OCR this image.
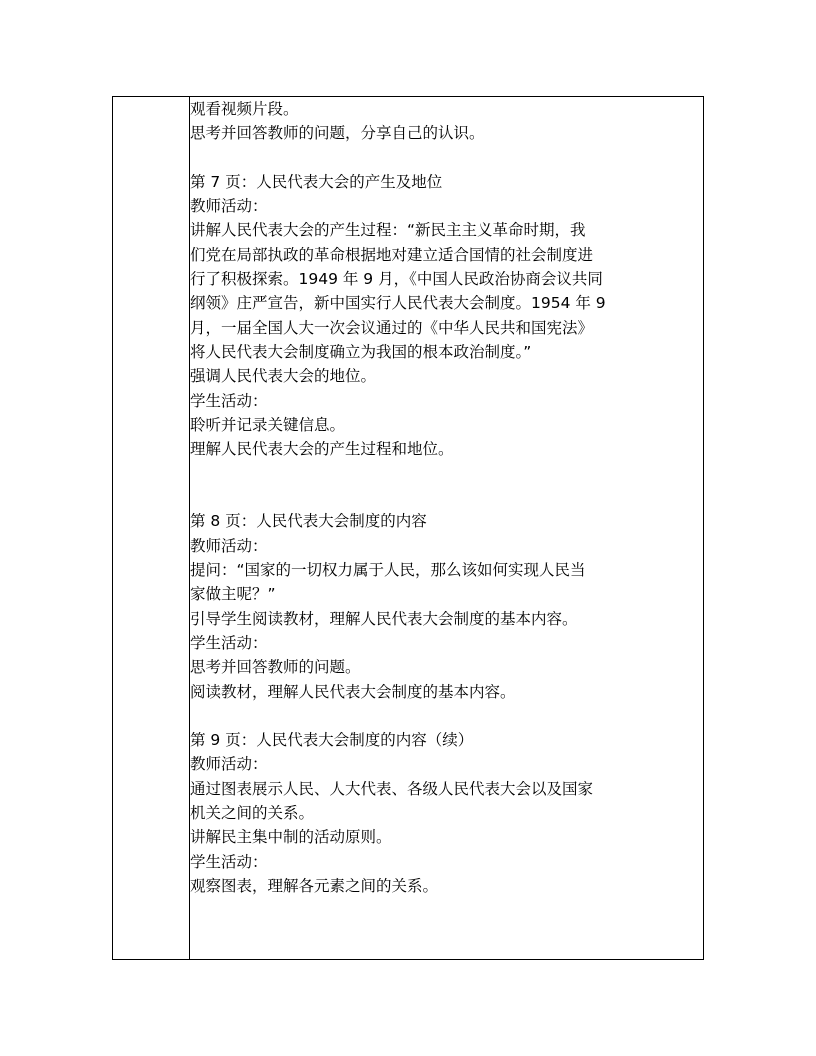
观看视频片段。
思考并回答教师的问题，分享自己的认识。
第 7 页：人民代表大会的产生及地位
教师活动：
讲解人民代表大会的产生过程：“新民主主义革命时期，我
们党在局部执政的革命根据地对建立适合国情的社会制度进
行了积极探索。1949 年 9 月，《中国人民政治协商会议共同
纲领》庄严宣告，新中国实行人民代表大会制度。1954 年 9
月，一届全国人大一次会议通过的《中华人民共和国宪法》
将人民代表大会制度确立为我国的根本政治制度。”
强调人民代表大会的地位。
学生活动：
聆听并记录关键信息。
理解人民代表大会的产生过程和地位。
第 8 页：人民代表大会制度的内容
教师活动：
提问：“国家的一切权力属于人民，那么该如何实现人民当
家做主呢？”
引导学生阅读教材，理解人民代表大会制度的基本内容。
学生活动：
思考并回答教师的问题。
阅读教材，理解人民代表大会制度的基本内容。
第 9 页：人民代表大会制度的内容（续）
教师活动：
通过图表展示人民、人大代表、各级人民代表大会以及国家
机关之间的关系。
讲解民主集中制的活动原则。
学生活动：
观察图表，理解各元素之间的关系。
